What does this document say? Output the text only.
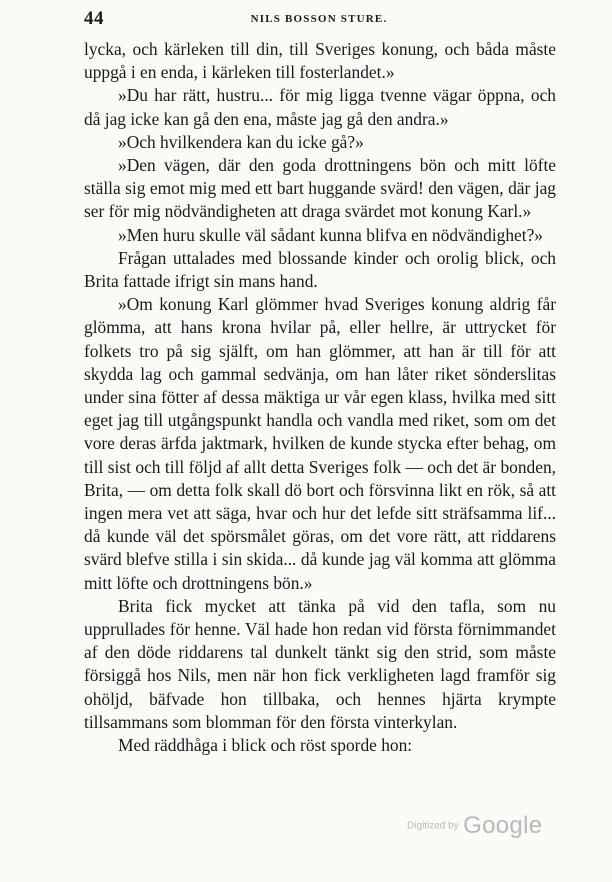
44	NILS BOSSON STURE.

lycka, och kärleken till din, till Sveriges konung, och båda måste uppgå i en enda, i kärleken till fosterlandet.»

»Du har rätt, hustru... för mig ligga tvenne vägar öppna, och då jag icke kan gå den ena, måste jag gå den andra.»

»Och hvilkendera kan du icke gå?»

»Den vägen, där den goda drottningens bön och mitt löfte ställa sig emot mig med ett bart huggande svärd! den vägen, där jag ser för mig nödvändigheten att draga svärdet mot konung Karl.»

»Men huru skulle väl sådant kunna blifva en nödvändighet?»

Frågan uttalades med blossande kinder och orolig blick, och Brita fattade ifrigt sin mans hand.

»Om konung Karl glömmer hvad Sveriges konung aldrig får glömma, att hans krona hvilar på, eller hellre, är uttrycket för folkets tro på sig själft, om han glömmer, att han är till för att skydda lag och gammal sedvänja, om han låter riket sönderslitas under sina fötter af dessa mäktiga ur vår egen klass, hvilka med sitt eget jag till utgångspunkt handla och vandla med riket, som om det vore deras ärfda jaktmark, hvilken de kunde stycka efter behag, om till sist och till följd af allt detta Sveriges folk — och det är bonden, Brita, — om detta folk skall dö bort och försvinna likt en rök, så att ingen mera vet att säga, hvar och hur det lefde sitt sträfsamma lif... då kunde väl det spörsmålet göras, om det vore rätt, att riddarens svärd blefve stilla i sin skida... då kunde jag väl komma att glömma mitt löfte och drottningens bön.»

Brita fick mycket att tänka på vid den tafla, som nu upprullades för henne. Väl hade hon redan vid första förnimmandet af den döde riddarens tal dunkelt tänkt sig den strid, som måste försiggå hos Nils, men när hon fick verkligheten lagd framför sig ohöljd, bäfvade hon tillbaka, och hennes hjärta krympte tillsammans som blomman för den första vinterkylan.

Med räddhåga i blick och röst sporde hon:

Digitized by Google
